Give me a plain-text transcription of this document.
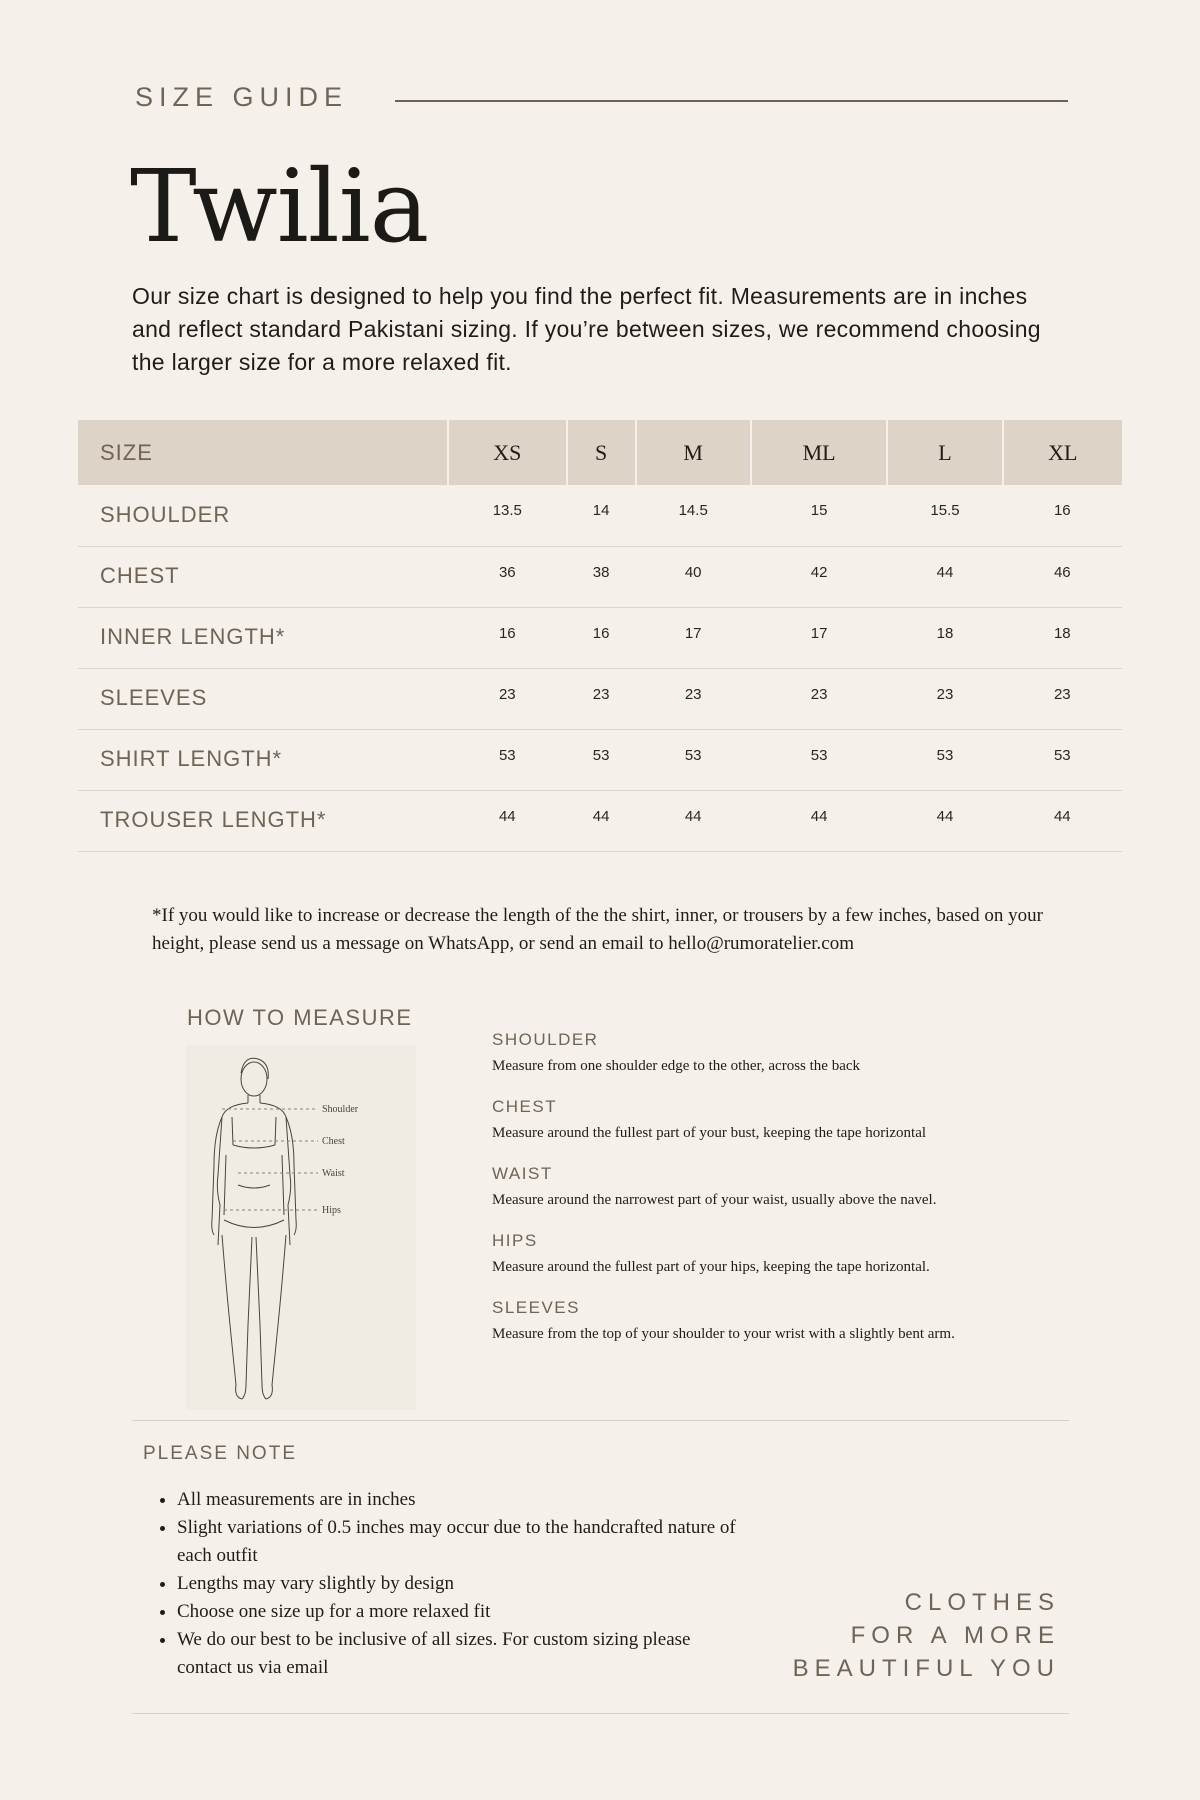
SIZE GUIDE
Twilia

Our size chart is designed to help you find the perfect fit. Measurements are in inches and reflect standard Pakistani sizing. If you’re between sizes, we recommend choosing the larger size for a more relaxed fit.

SIZE	XS	S	M	ML	L	XL
SHOULDER	13.5	14	14.5	15	15.5	16
CHEST	36	38	40	42	44	46
INNER LENGTH*	16	16	17	17	18	18
SLEEVES	23	23	23	23	23	23
SHIRT LENGTH*	53	53	53	53	53	53
TROUSER LENGTH*	44	44	44	44	44	44

*If you would like to increase or decrease the length of the the shirt, inner, or trousers by a few inches, based on your height, please send us a message on WhatsApp, or send an email to hello@rumoratelier.com

HOW TO MEASURE
Shoulder
Chest
Waist
Hips
SHOULDER
Measure from one shoulder edge to the other, across the back
CHEST
Measure around the fullest part of your bust, keeping the tape horizontal
WAIST
Measure around the narrowest part of your waist, usually above the navel.
HIPS
Measure around the fullest part of your hips, keeping the tape horizontal.
SLEEVES
Measure from the top of your shoulder to your wrist with a slightly bent arm.
PLEASE NOTE
• All measurements are in inches
• Slight variations of 0.5 inches may occur due to the handcrafted nature of each outfit
• Lengths may vary slightly by design
• Choose one size up for a more relaxed fit
• We do our best to be inclusive of all sizes. For custom sizing please contact us via email
CLOTHES
FOR A MORE
BEAUTIFUL YOU
